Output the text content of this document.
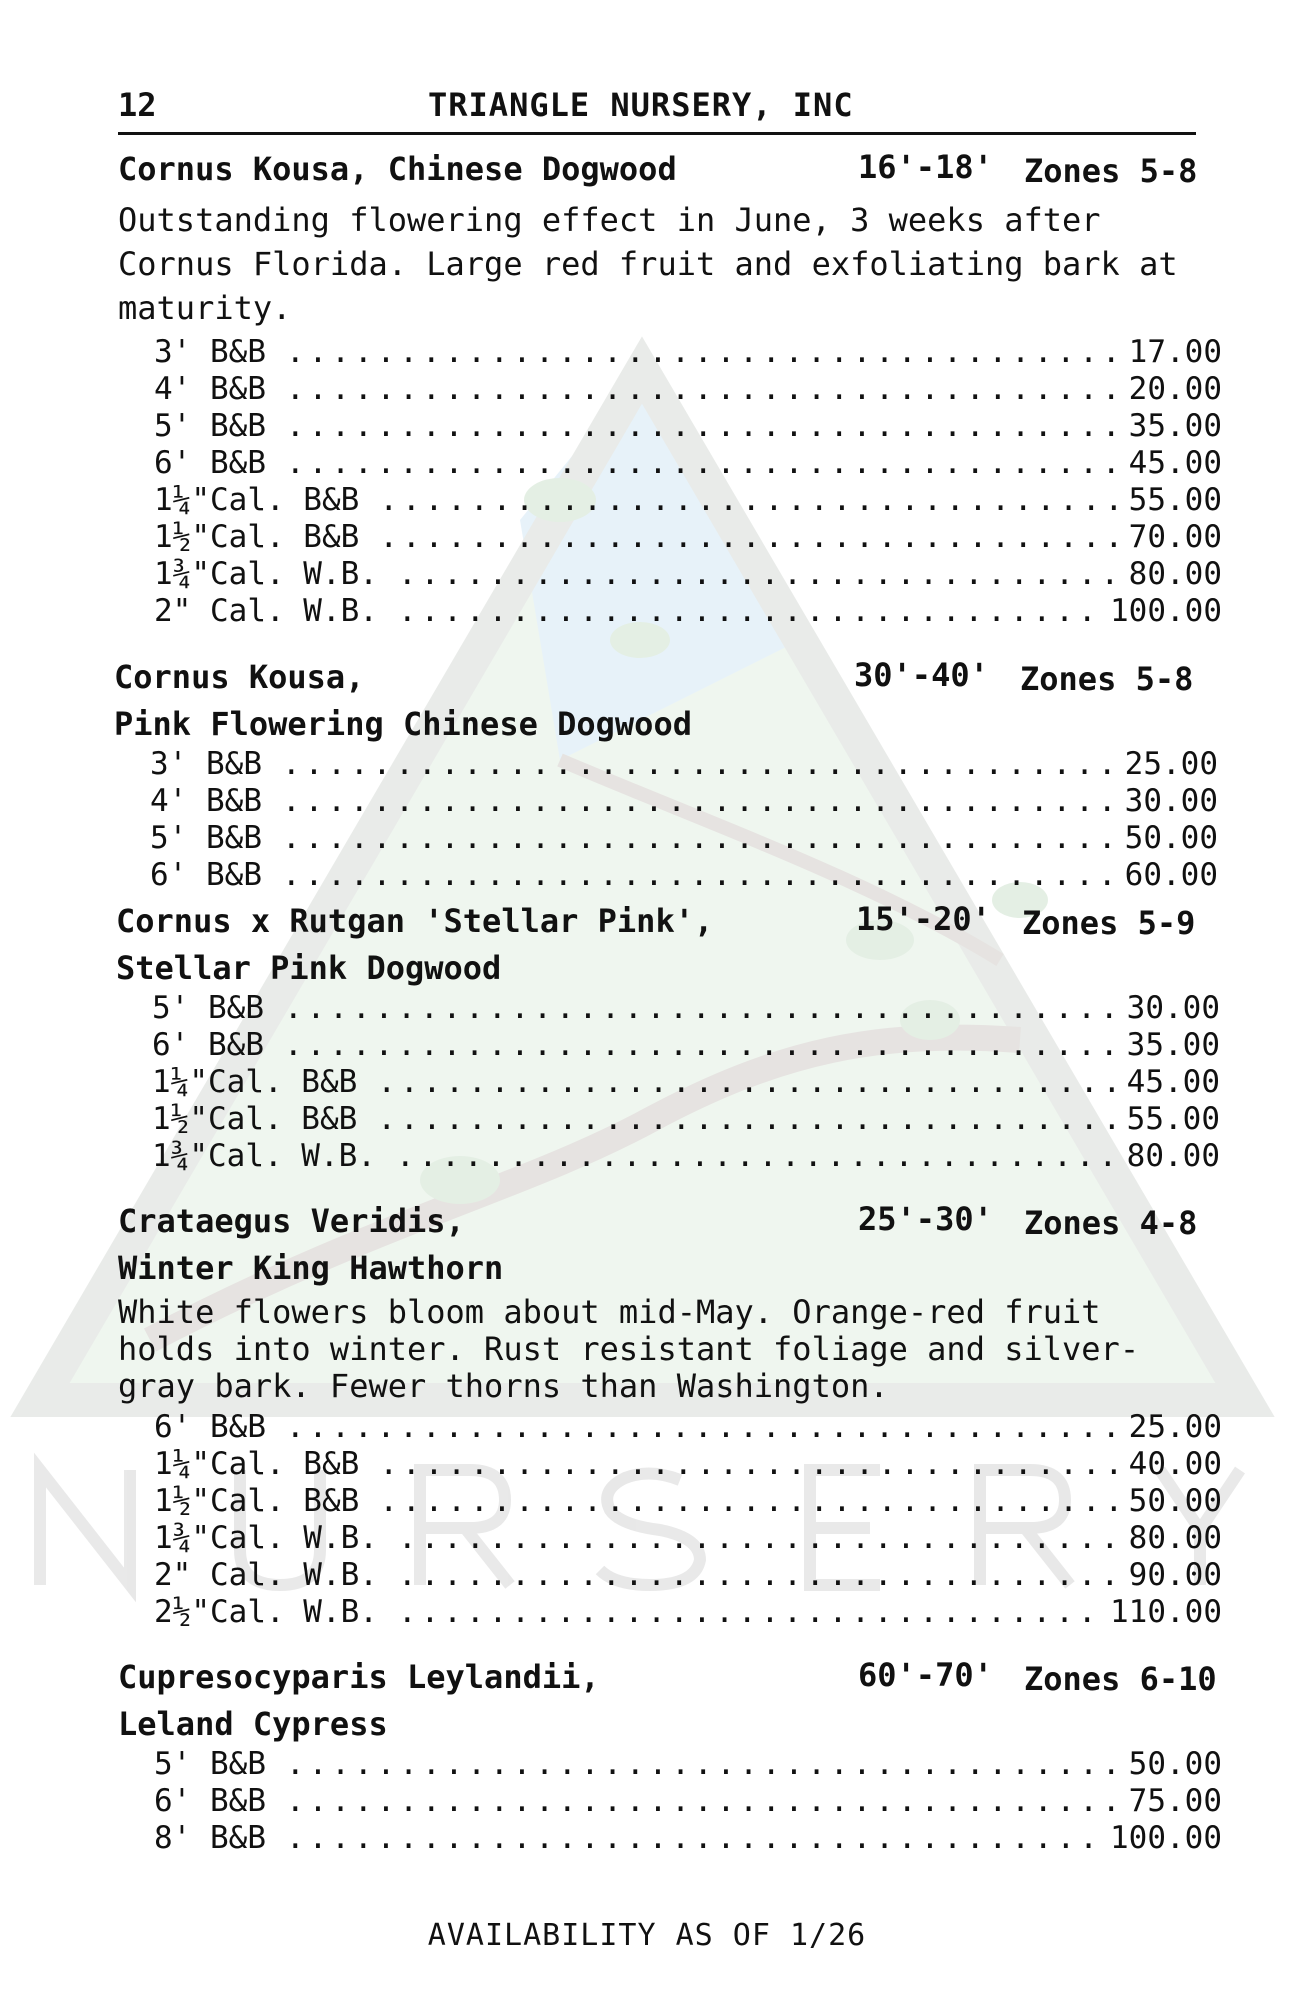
12	TRIANGLE NURSERY, INC
Cornus Kousa, Chinese Dogwood	16'-18' Zones 5-8
Outstanding flowering effect in June, 3 weeks after
Cornus Florida. Large red fruit and exfoliating bark at
maturity.
3' B&B .....	17.00
4' B&B .....	20.00
5' B&B .....	35.00
6' B&B .....	45.00
1¼"Cal. B&B .....	55.00
1½"Cal. B&B .....	70.00
1¾"Cal. W.B. .....	80.00
2" Cal. W.B. .....	100.00
Cornus Kousa,	30'-40' Zones 5-8
Pink Flowering Chinese Dogwood
3' B&B .....	25.00
4' B&B .....	30.00
5' B&B .....	50.00
6' B&B .....	60.00
Cornus x Rutgan 'Stellar Pink',	15'-20' Zones 5-9
Stellar Pink Dogwood
5' B&B .....	30.00
6' B&B .....	35.00
1¼"Cal. B&B .....	45.00
1½"Cal. B&B .....	55.00
1¾"Cal. W.B. .....	80.00
Crataegus Veridis,	25'-30' Zones 4-8
Winter King Hawthorn
White flowers bloom about mid-May. Orange-red fruit
holds into winter. Rust resistant foliage and silver-
gray bark. Fewer thorns than Washington.
6' B&B .....	25.00
1¼"Cal. B&B .....	40.00
1½"Cal. B&B .....	50.00
1¾"Cal. W.B. .....	80.00
2" Cal. W.B. .....	90.00
2½"Cal. W.B. .....	110.00
Cupresocyparis Leylandii,	60'-70' Zones 6-10
Leland Cypress
5' B&B .....	50.00
6' B&B .....	75.00
8' B&B .....	100.00
AVAILABILITY AS OF 1/26
